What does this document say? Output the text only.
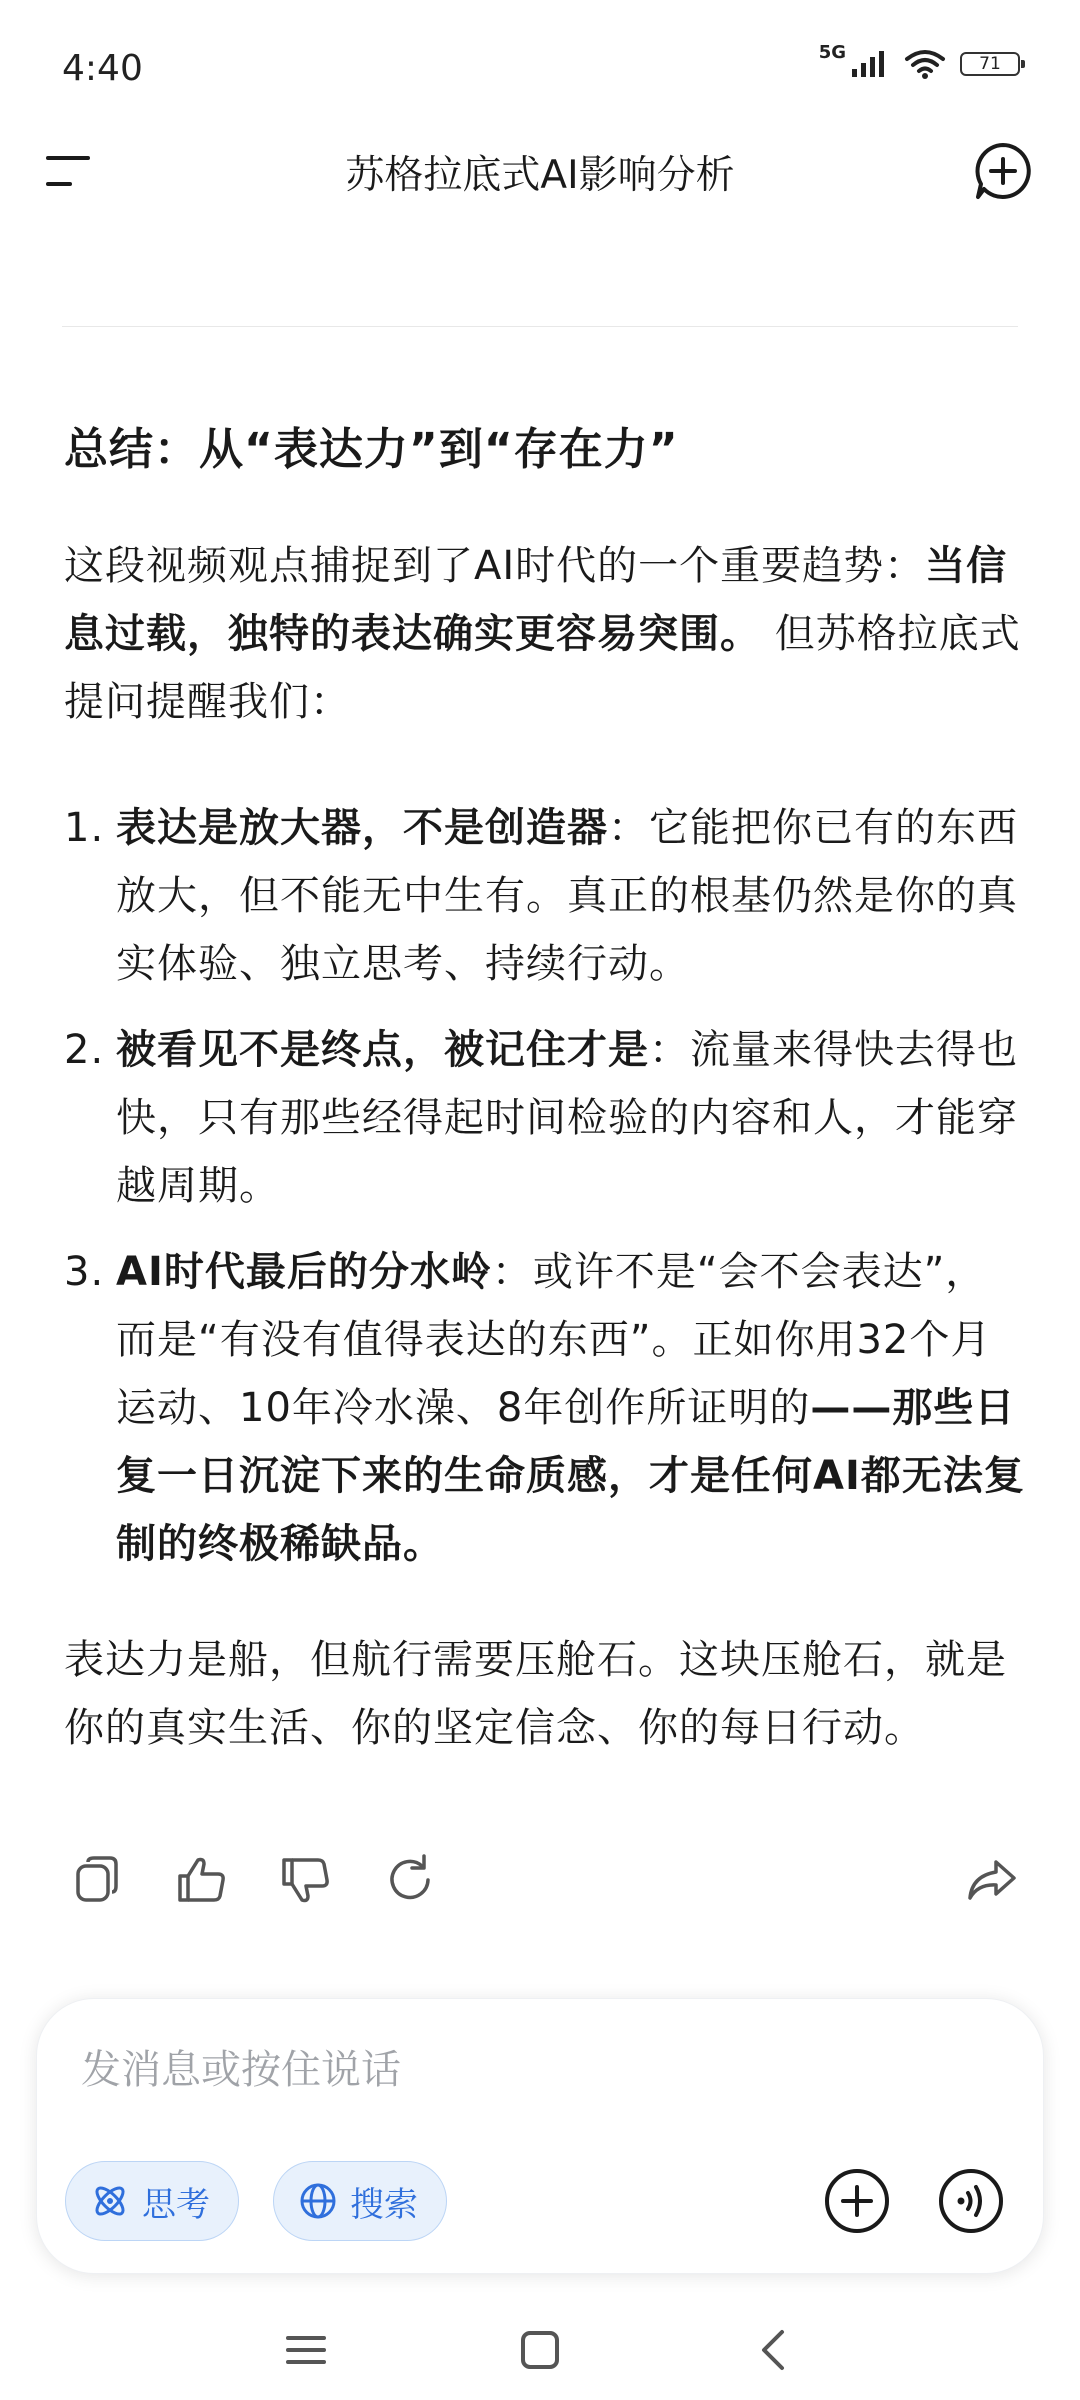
4:40	5G
71
苏格拉底式AI影响分析
总结：从“表达力”到“存在力”

这段视频观点捕捉到了AI时代的一个重要趋势：当信息过载，独特的表达确实更容易突围。 但苏格拉底式提问提醒我们：

1. 表达是放大器，不是创造器：它能把你已有的东西放大，但不能无中生有。真正的根基仍然是你的真实体验、独立思考、持续行动。
2. 被看见不是终点，被记住才是：流量来得快去得也快，只有那些经得起时间检验的内容和人，才能穿越周期。
3. AI时代最后的分水岭：或许不是“会不会表达”，而是“有没有值得表达的东西”。正如你用32个月运动、10年冷水澡、8年创作所证明的——那些日复一日沉淀下来的生命质感，才是任何AI都无法复制的终极稀缺品。

表达力是船，但航行需要压舱石。这块压舱石，就是你的真实生活、你的坚定信念、你的每日行动。

发消息或按住说话
思考	搜索
